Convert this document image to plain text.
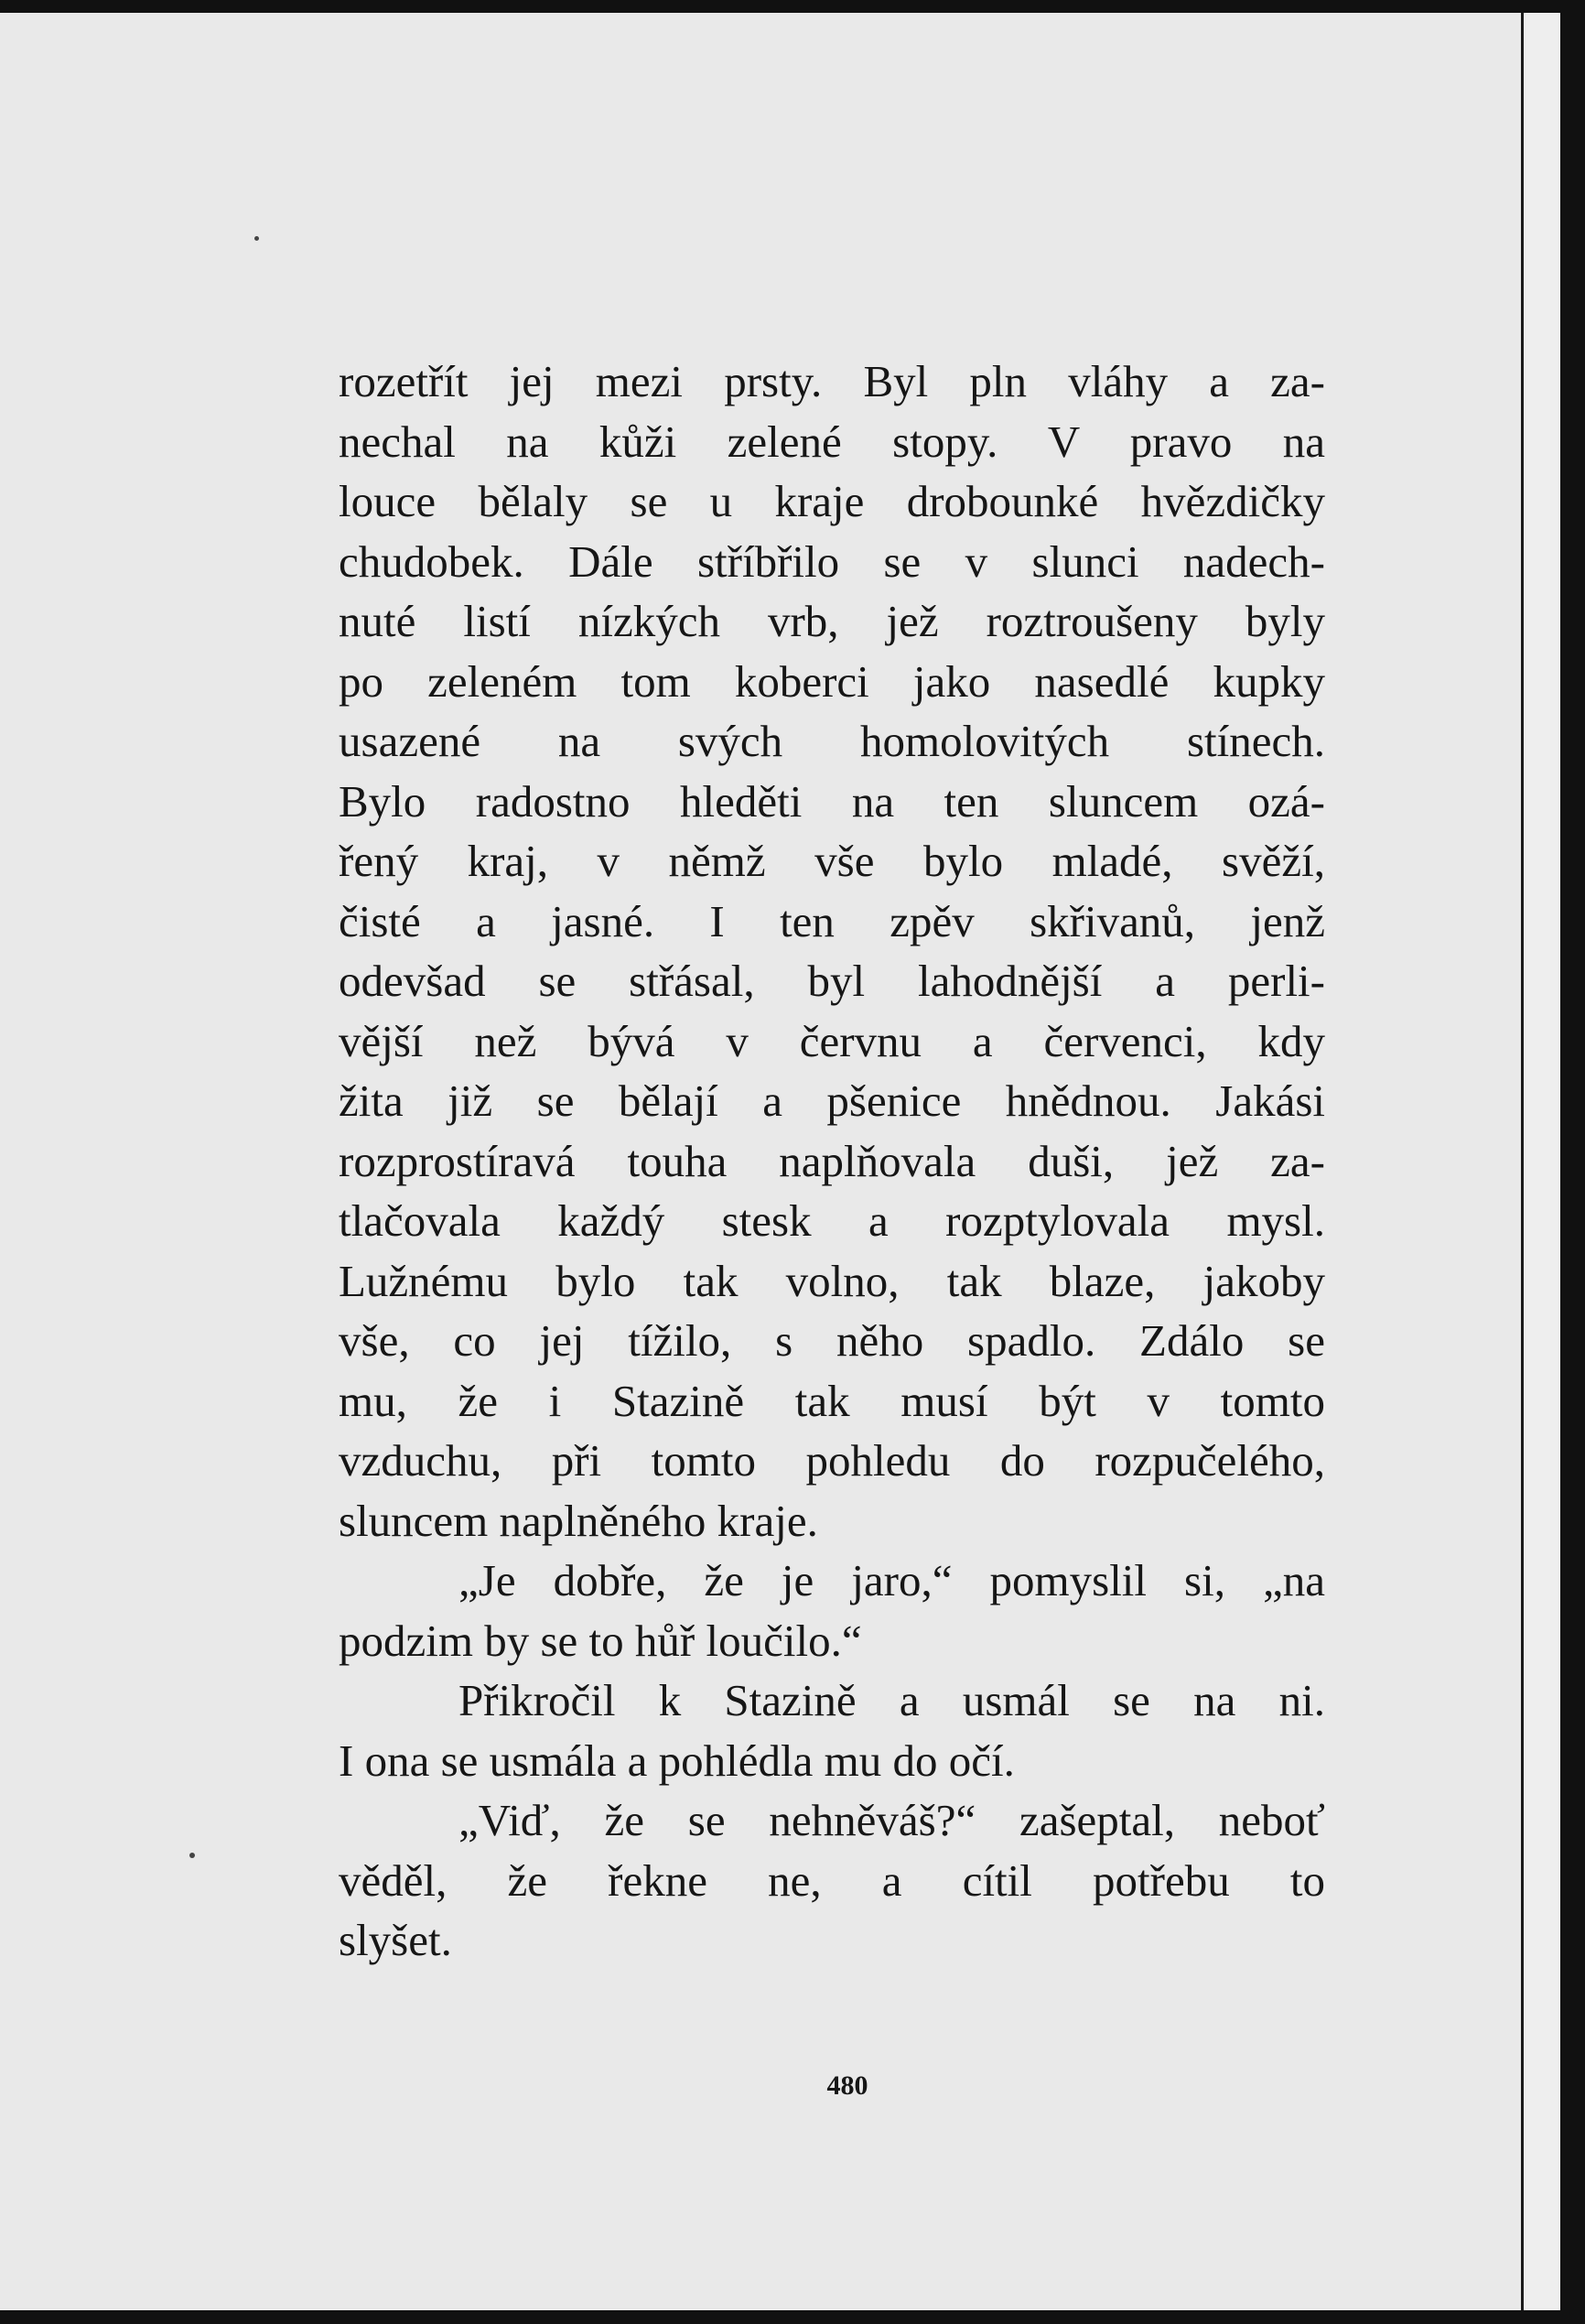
rozetřít jej mezi prsty. Byl pln vláhy a za-
nechal na kůži zelené stopy. V pravo na
louce bělaly se u kraje drobounké hvězdičky
chudobek. Dále stříbřilo se v slunci nadech-
nuté listí nízkých vrb, jež roztroušeny byly
po zeleném tom koberci jako nasedlé kupky
usazené na svých homolovitých stínech.
Bylo radostno hleděti na ten sluncem ozá-
řený kraj, v němž vše bylo mladé, svěží,
čisté a jasné. I ten zpěv skřivanů, jenž
odevšad se střásal, byl lahodnější a perli-
vější než bývá v červnu a červenci, kdy
žita již se bělají a pšenice hnědnou. Jakási
rozprostíravá touha naplňovala duši, jež za-
tlačovala každý stesk a rozptylovala mysl.
Lužnému bylo tak volno, tak blaze, jakoby
vše, co jej tížilo, s něho spadlo. Zdálo se
mu, že i Stazině tak musí být v tomto
vzduchu, při tomto pohledu do rozpučelého,
sluncem naplněného kraje.
„Je dobře, že je jaro,“ pomyslil si, „na
podzim by se to hůř loučilo.“
Přikročil k Stazině a usmál se na ni.
I ona se usmála a pohlédla mu do očí.
„Viď, že se nehněváš?“ zašeptal, neboť
věděl, že řekne ne, a cítil potřebu to
slyšet.
480
